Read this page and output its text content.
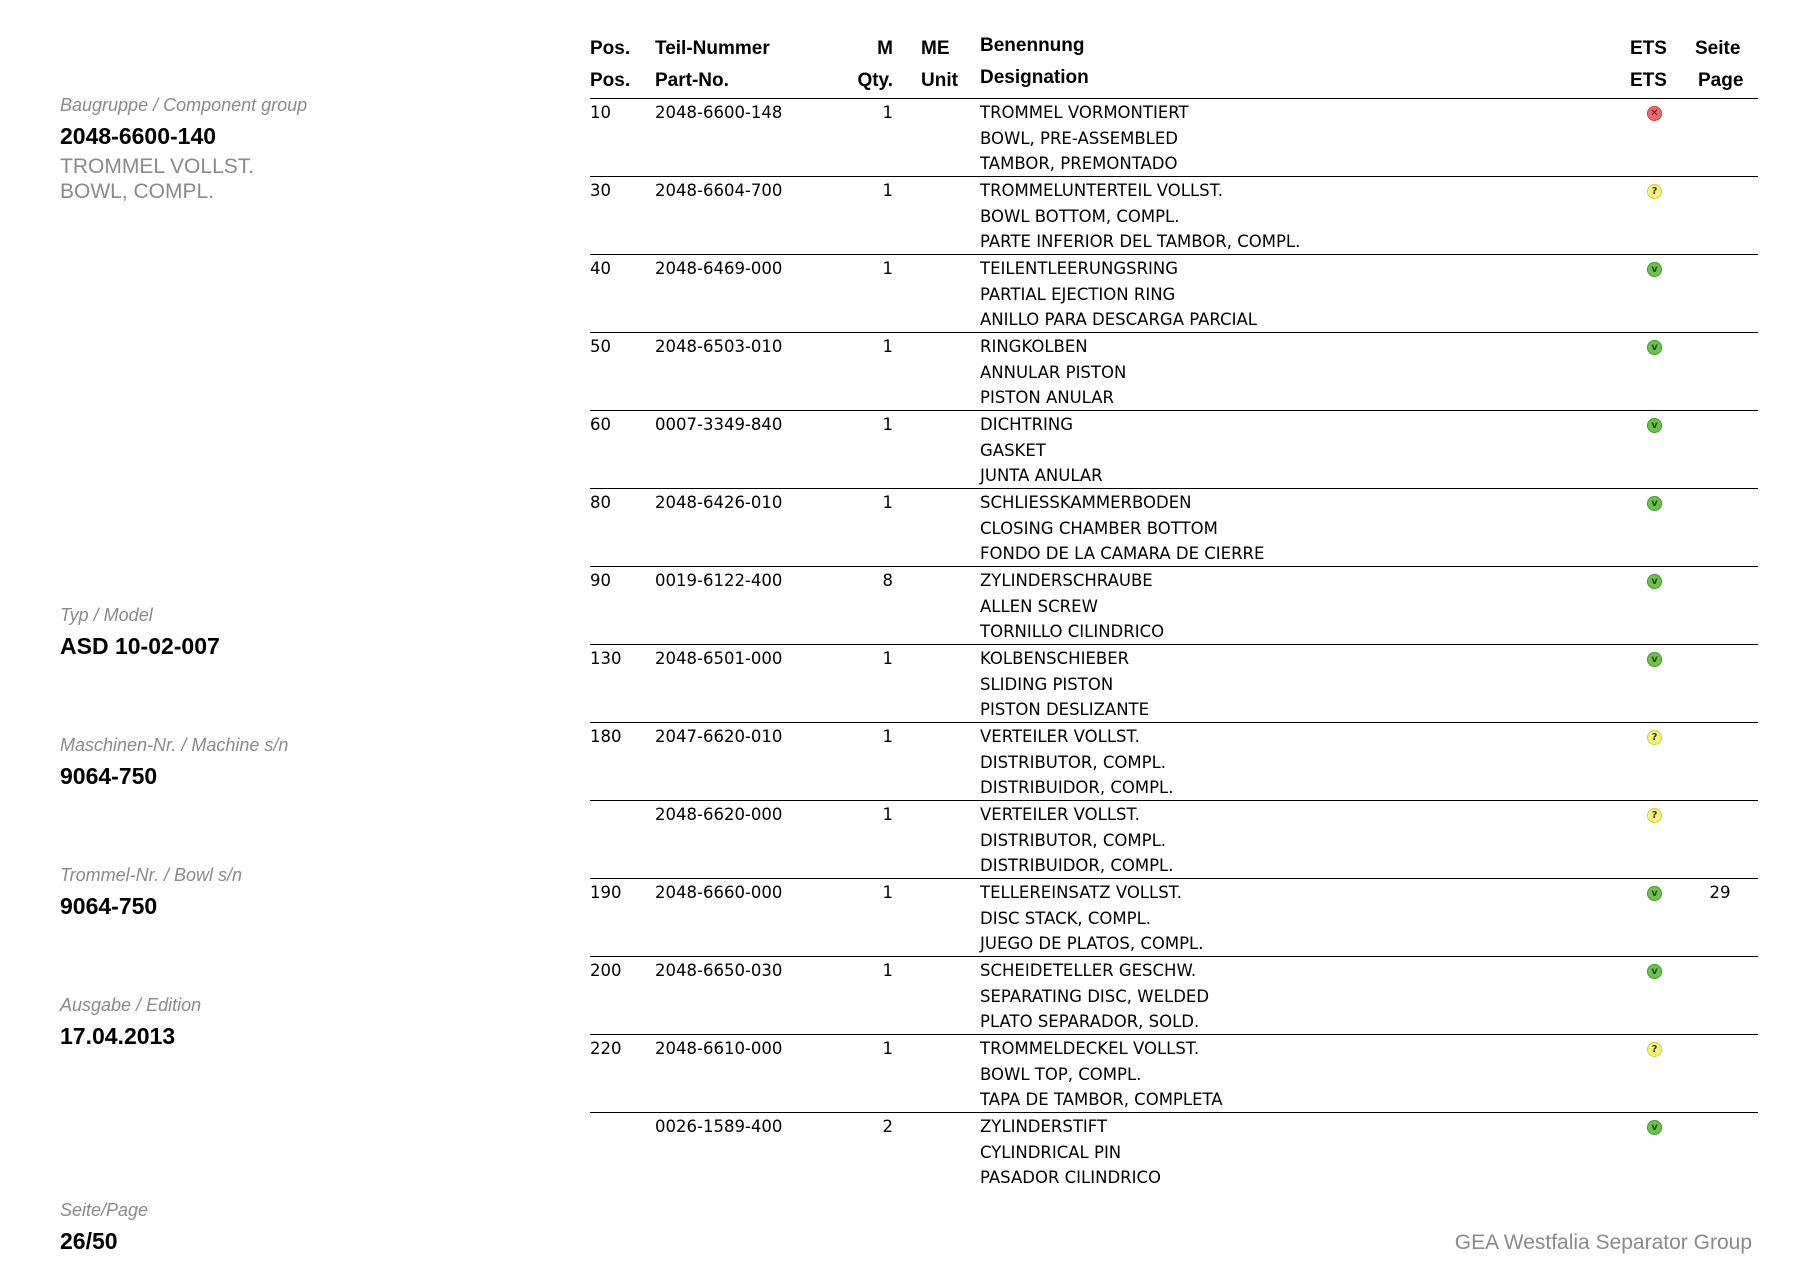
Baugruppe / Component group
2048-6600-140
TROMMEL VOLLST.
BOWL, COMPL.
Typ / Model
ASD 10-02-007
Maschinen-Nr. / Machine s/n
9064-750
Trommel-Nr. / Bowl s/n
9064-750
Ausgabe / Edition
17.04.2013
Seite/Page
26/50	GEA Westfalia Separator Group
Pos. Teil-Nummer	M ME Benennung	ETS Seite
Pos. Part-No.	Qty. Unit Designation	ETS Page
10	2048-6600-148	1	TROMMEL VORMONTIERT
BOWL, PRE-ASSEMBLED
TAMBOR, PREMONTADO
✕
30	2048-6604-700	1	TROMMELUNTERTEIL VOLLST.
BOWL BOTTOM, COMPL.
PARTE INFERIOR DEL TAMBOR, COMPL.
?
40	2048-6469-000	1	TEILENTLEERUNGSRING
PARTIAL EJECTION RING
ANILLO PARA DESCARGA PARCIAL
v
50	2048-6503-010	1	RINGKOLBEN
ANNULAR PISTON
PISTON ANULAR
v
60	0007-3349-840	1	DICHTRING
GASKET
JUNTA ANULAR
v
80	2048-6426-010	1	SCHLIESSKAMMERBODEN
CLOSING CHAMBER BOTTOM
FONDO DE LA CAMARA DE CIERRE
v
90	0019-6122-400	8	ZYLINDERSCHRAUBE
ALLEN SCREW
TORNILLO CILINDRICO
v
130 2048-6501-000	1	KOLBENSCHIEBER
SLIDING PISTON
PISTON DESLIZANTE
v
180 2047-6620-010	1	VERTEILER VOLLST.
DISTRIBUTOR, COMPL.
DISTRIBUIDOR, COMPL.
?
2048-6620-000	1	VERTEILER VOLLST.
DISTRIBUTOR, COMPL.
DISTRIBUIDOR, COMPL.
?
190 2048-6660-000	1	TELLEREINSATZ VOLLST.
DISC STACK, COMPL.
JUEGO DE PLATOS, COMPL.
v	29
200 2048-6650-030	1	SCHEIDETELLER GESCHW.
SEPARATING DISC, WELDED
PLATO SEPARADOR, SOLD.
v
220 2048-6610-000	1	TROMMELDECKEL VOLLST.
BOWL TOP, COMPL.
TAPA DE TAMBOR, COMPLETA
?
0026-1589-400	2	ZYLINDERSTIFT
CYLINDRICAL PIN
PASADOR CILINDRICO
v
